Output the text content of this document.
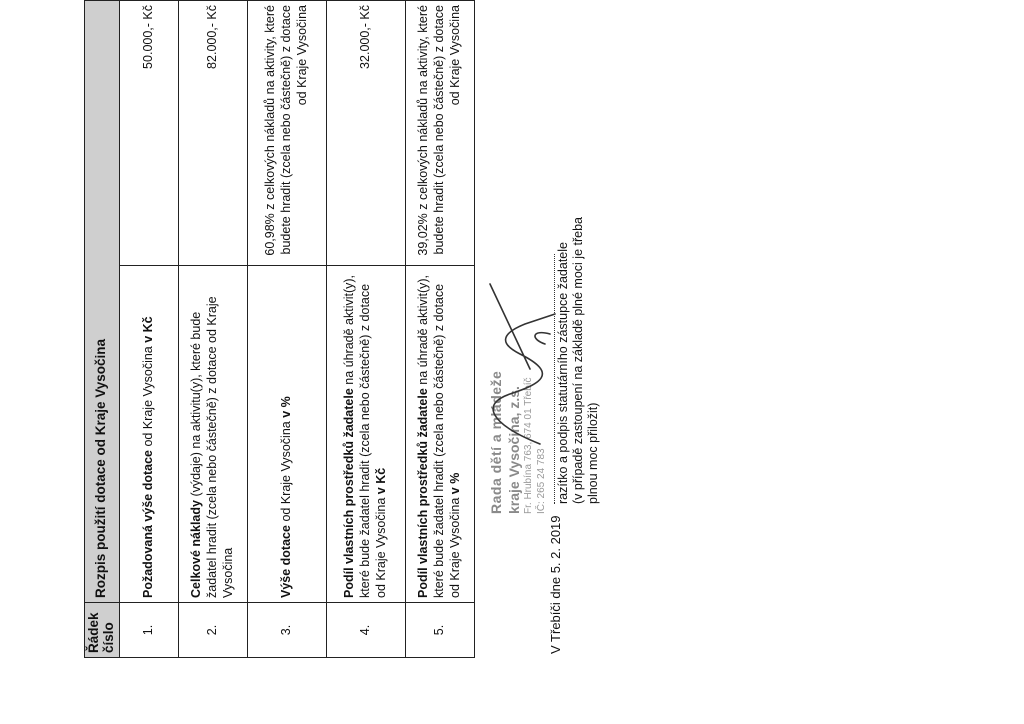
Řádek číslo	Rozpis použití dotace od Kraje Vysočina	
1.	Požadovaná výše dotace od Kraje Vysočina v Kč	50.000,- Kč
2.	Celkové náklady (výdaje) na aktivitu(y), které bude žadatel hradit (zcela nebo částečně) z dotace od Kraje Vysočina	82.000,- Kč
3.	Výše dotace od Kraje Vysočina v %	60,98% z celkových nákladů na aktivity, které budete hradit (zcela nebo částečně) z dotace od Kraje Vysočina
4.	Podíl vlastních prostředků žadatele na úhradě aktivit(y), které bude žadatel hradit (zcela nebo částečně) z dotace od Kraje Vysočina v Kč	32.000,- Kč
5.	Podíl vlastních prostředků žadatele na úhradě aktivit(y), které bude žadatel hradit (zcela nebo částečně) z dotace od Kraje Vysočina v %	39,02% z celkových nákladů na aktivity, které budete hradit (zcela nebo částečně) z dotace od Kraje Vysočina
V Třebíči dne 5. 2. 2019
Rada dětí a mládeže kraje Vysočina, z.s. Fr. Hrubína 763, 674 01 Třebíč IČ: 265 24 783 razítko a podpis statutárního zástupce žadatele (v případě zastoupení na základě plné moci je třeba plnou moc přiložit)
